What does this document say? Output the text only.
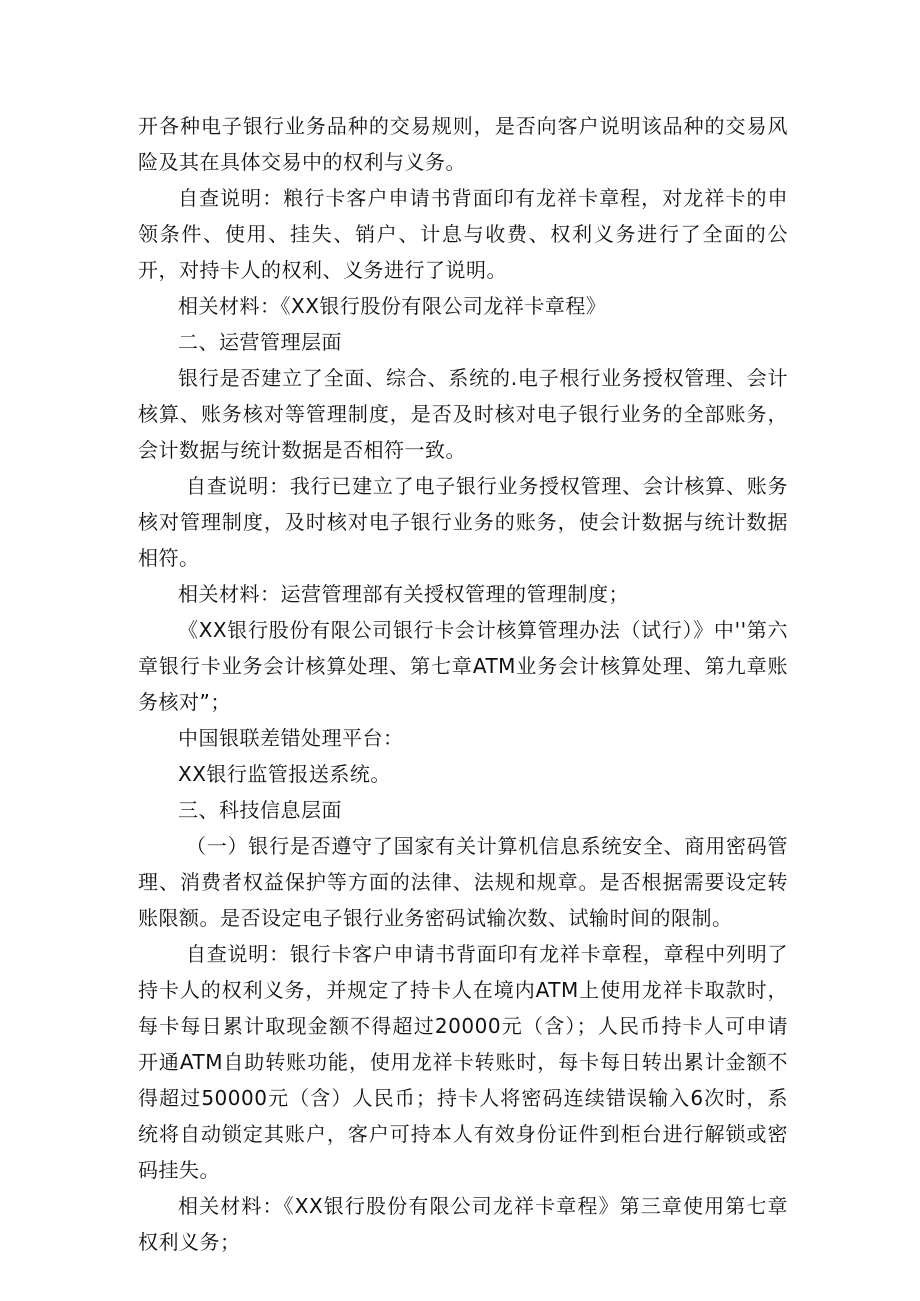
开各种电子银行业务品种的交易规则，是否向客户说明该品种的交易风险及其在具体交易中的权利与义务。

自查说明：粮行卡客户申请书背面印有龙祥卡章程，对龙祥卡的申领条件、使用、挂失、销户、计息与收费、权利义务进行了全面的公开，对持卡人的权利、义务进行了说明。

相关材料：《XX银行股份有限公司龙祥卡章程》

二、运营管理层面

银行是否建立了全面、综合、系统的.电子根行业务授权管理、会计核算、账务核对等管理制度，是否及时核对电子银行业务的全部账务，会计数据与统计数据是否相符一致。

自查说明：我行已建立了电子银行业务授权管理、会计核算、账务核对管理制度，及时核对电子银行业务的账务，使会计数据与统计数据相符。

相关材料：运营管理部有关授权管理的管理制度；

《XX银行股份有限公司银行卡会计核算管理办法（试行）》中''第六章银行卡业务会计核算处理、第七章ATM业务会计核算处理、第九章账务核对”；

中国银联差错处理平台：

XX银行监管报送系统。

三、科技信息层面

（一）银行是否遵守了国家有关计算机信息系统安全、商用密码管理、消费者权益保护等方面的法律、法规和规章。是否根据需要设定转账限额。是否设定电子银行业务密码试输次数、试输时间的限制。

自查说明：银行卡客户申请书背面印有龙祥卡章程，章程中列明了持卡人的权利义务，并规定了持卡人在境内ATM上使用龙祥卡取款时，每卡每日累计取现金额不得超过20000元（含）；人民币持卡人可申请开通ATM自助转账功能，使用龙祥卡转账时，每卡每日转出累计金额不得超过50000元（含）人民币；持卡人将密码连续错误输入6次时，系统将自动锁定其账户，客户可持本人有效身份证件到柜台进行解锁或密码挂失。

相关材料：《XX银行股份有限公司龙祥卡章程》第三章使用第七章权利义务；
